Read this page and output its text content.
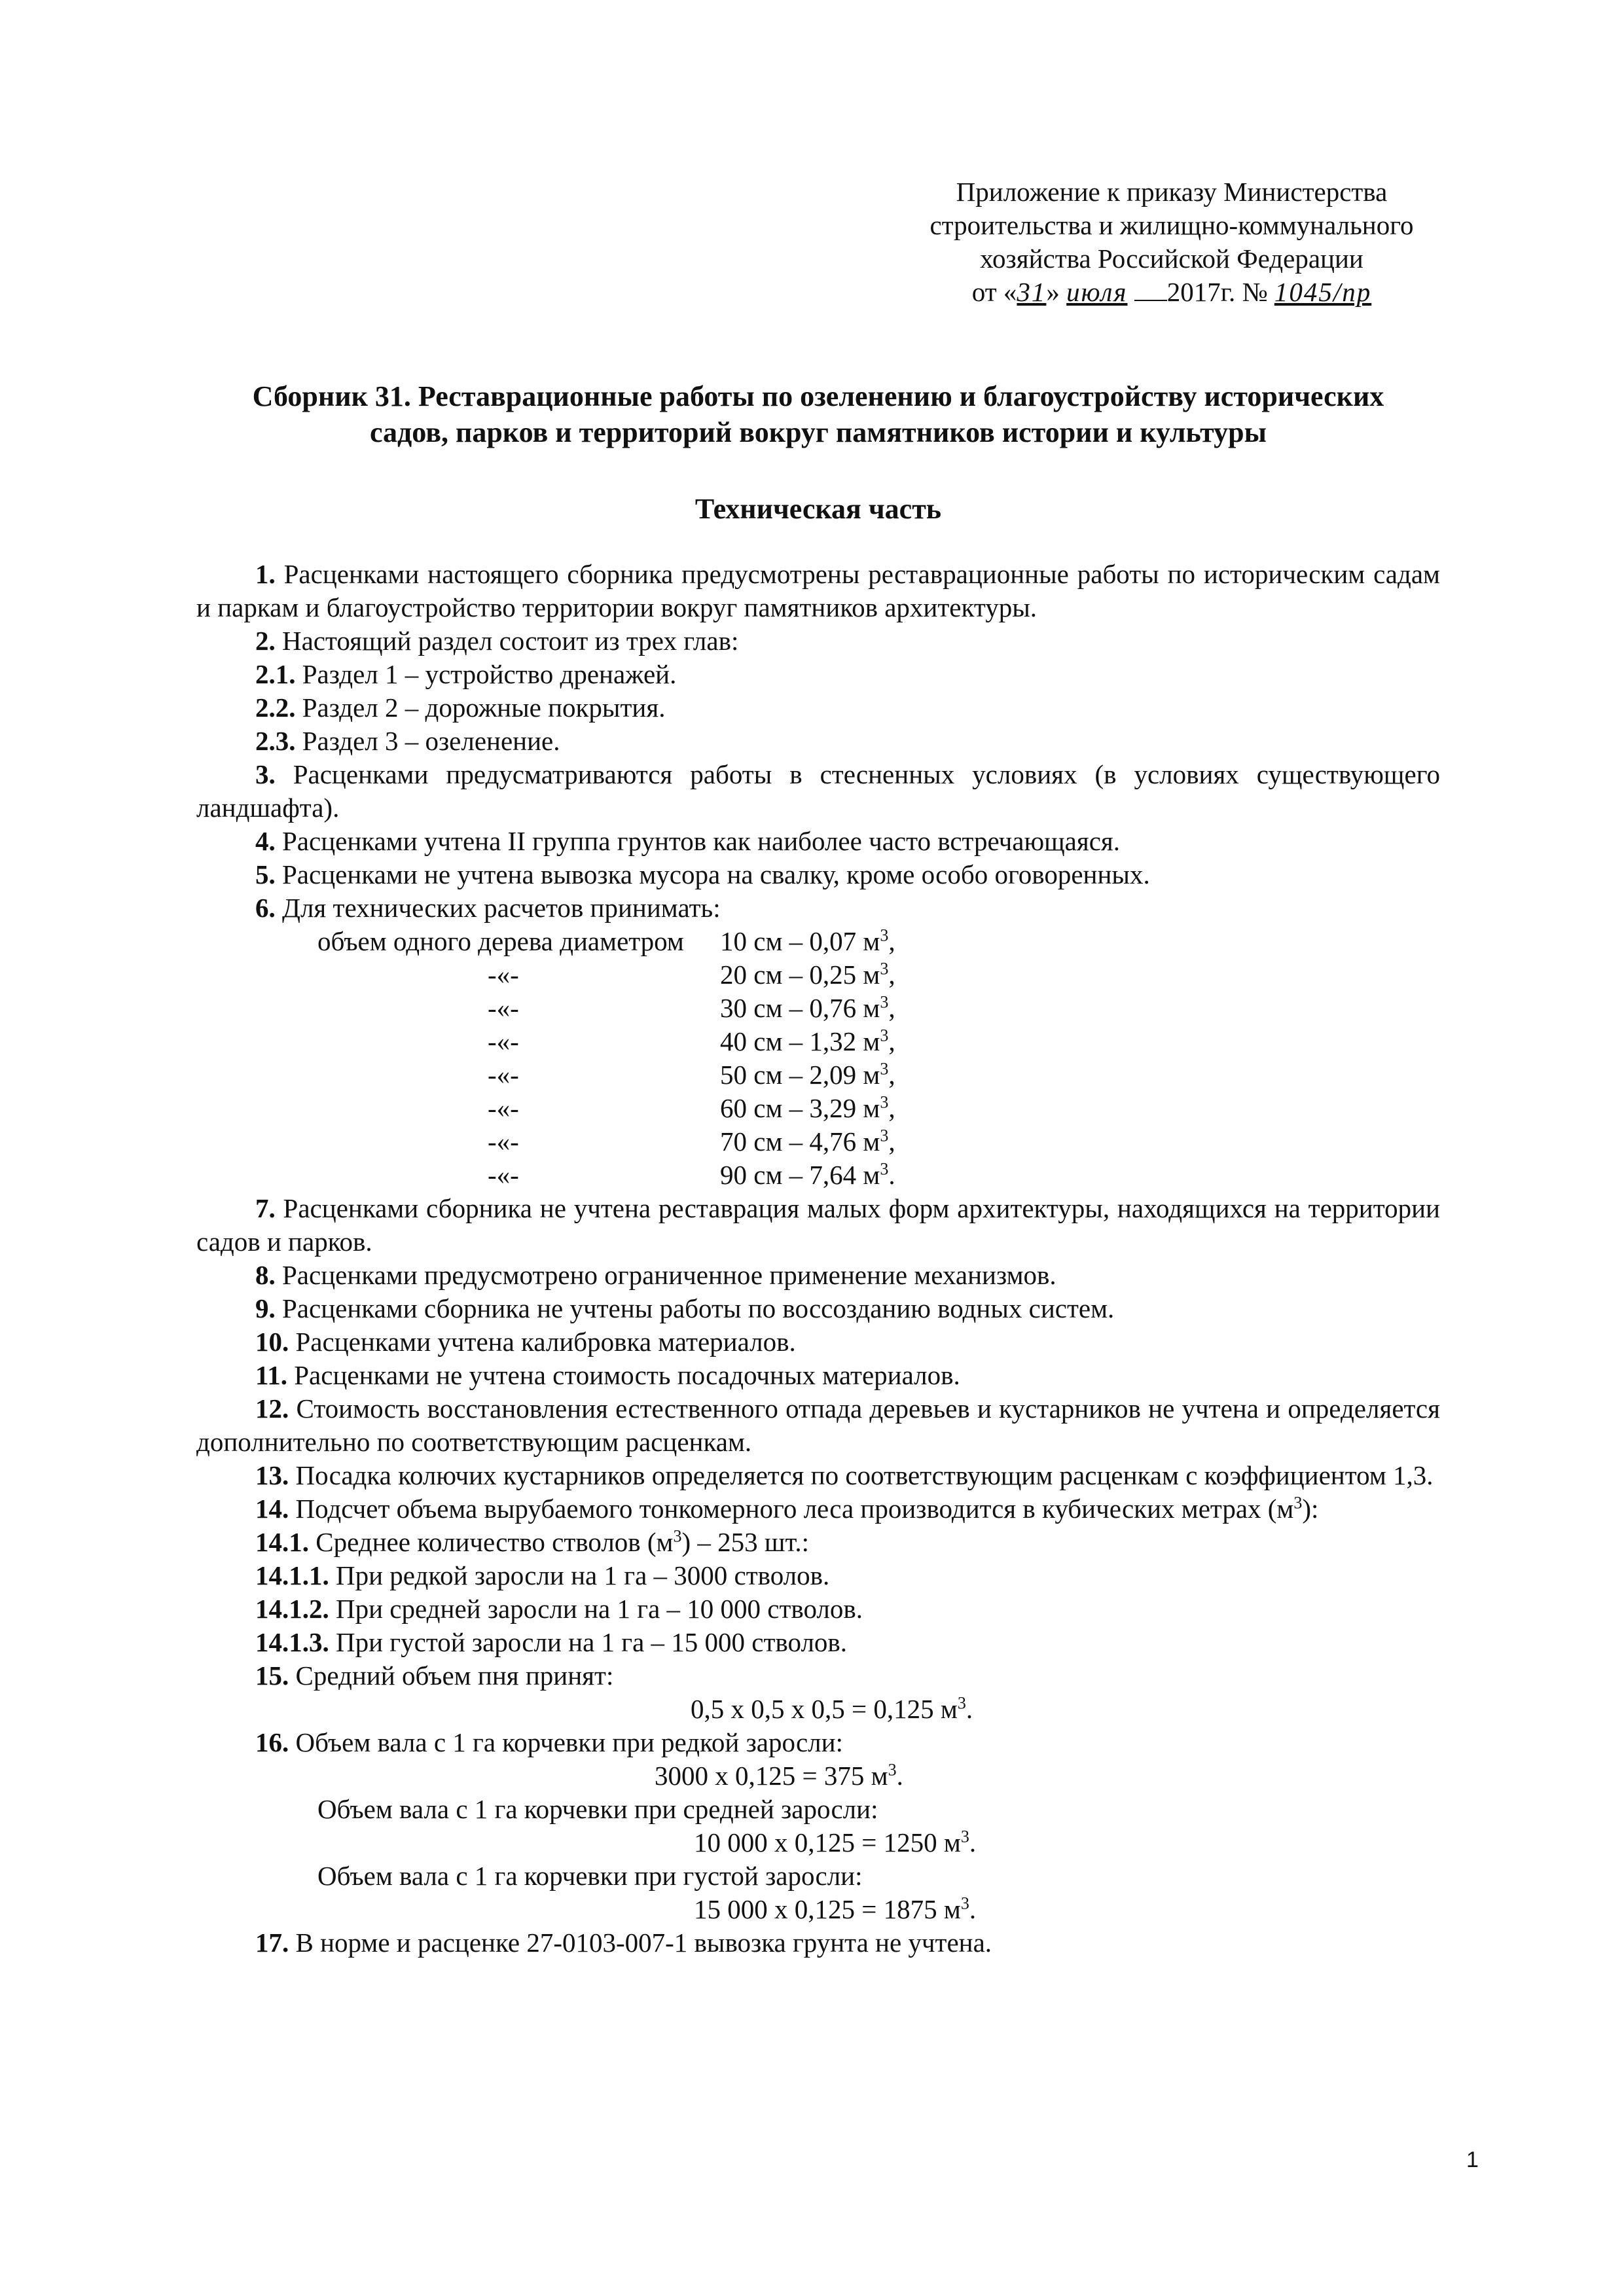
Приложение к приказу Министерства
строительства и жилищно-коммунального
хозяйства Российской Федерации
от «31» июля 2017г. № 1045/пр
Сборник 31. Реставрационные работы по озеленению и благоустройству исторических
садов, парков и территорий вокруг памятников истории и культуры
Техническая часть

1. Расценками настоящего сборника предусмотрены реставрационные работы по историческим садам и паркам и благоустройство территории вокруг памятников архитектуры.

2. Настоящий раздел состоит из трех глав:

2.1. Раздел 1 – устройство дренажей.

2.2. Раздел 2 – дорожные покрытия.

2.3. Раздел 3 – озеленение.

3. Расценками предусматриваются работы в стесненных условиях (в условиях существующего ландшафта).

4. Расценками учтена II группа грунтов как наиболее часто встречающаяся.

5. Расценками не учтена вывозка мусора на свалку, кроме особо оговоренных.

6. Для технических расчетов принимать:

объем одного дерева диаметром 10 см – 0,07 $м^3$,
-«-	20 см – 0,25 $м^3$,
-«-	30 см – 0,76 $м^3$,
-«-	40 см – 1,32 $м^3$,
-«-	50 см – 2,09 $м^3$,
-«-	60 см – 3,29 $м^3$,
-«-	70 см – 4,76 $м^3$,
-«-	90 см – 7,64 $м^3$.

7. Расценками сборника не учтена реставрация малых форм архитектуры, находящихся на территории садов и парков.

8. Расценками предусмотрено ограниченное применение механизмов.

9. Расценками сборника не учтены работы по воссозданию водных систем.

10. Расценками учтена калибровка материалов.

11. Расценками не учтена стоимость посадочных материалов.

12. Стоимость восстановления естественного отпада деревьев и кустарников не учтена и определяется дополнительно по соответствующим расценкам.

13. Посадка колючих кустарников определяется по соответствующим расценкам с коэффициентом 1,3.

14. Подсчет объема вырубаемого тонкомерного леса производится в кубических метрах $(м^3)$:

14.1. Среднее количество стволов $(м^3) - 253$ шт.:

14.1.1. При редкой заросли на 1 га – 3000 стволов.

14.1.2. При средней заросли на 1 га – 10 000 стволов.

14.1.3. При густой заросли на 1 га – 15 000 стволов.

15. Средний объем пня принят:

0,5 х 0,5 х 0,5 = 0,125 $м^3$.

16. Объем вала с 1 га корчевки при редкой заросли:

3000 х 0,125 = 375 $м^3$.

Объем вала с 1 га корчевки при средней заросли:

10 000 х 0,125 = 1250 $м^3$.

Объем вала с 1 га корчевки при густой заросли:

15 000 х 0,125 = 1875 $м^3$.

17. В норме и расценке 27-0103-007-1 вывозка грунта не учтена.

1
